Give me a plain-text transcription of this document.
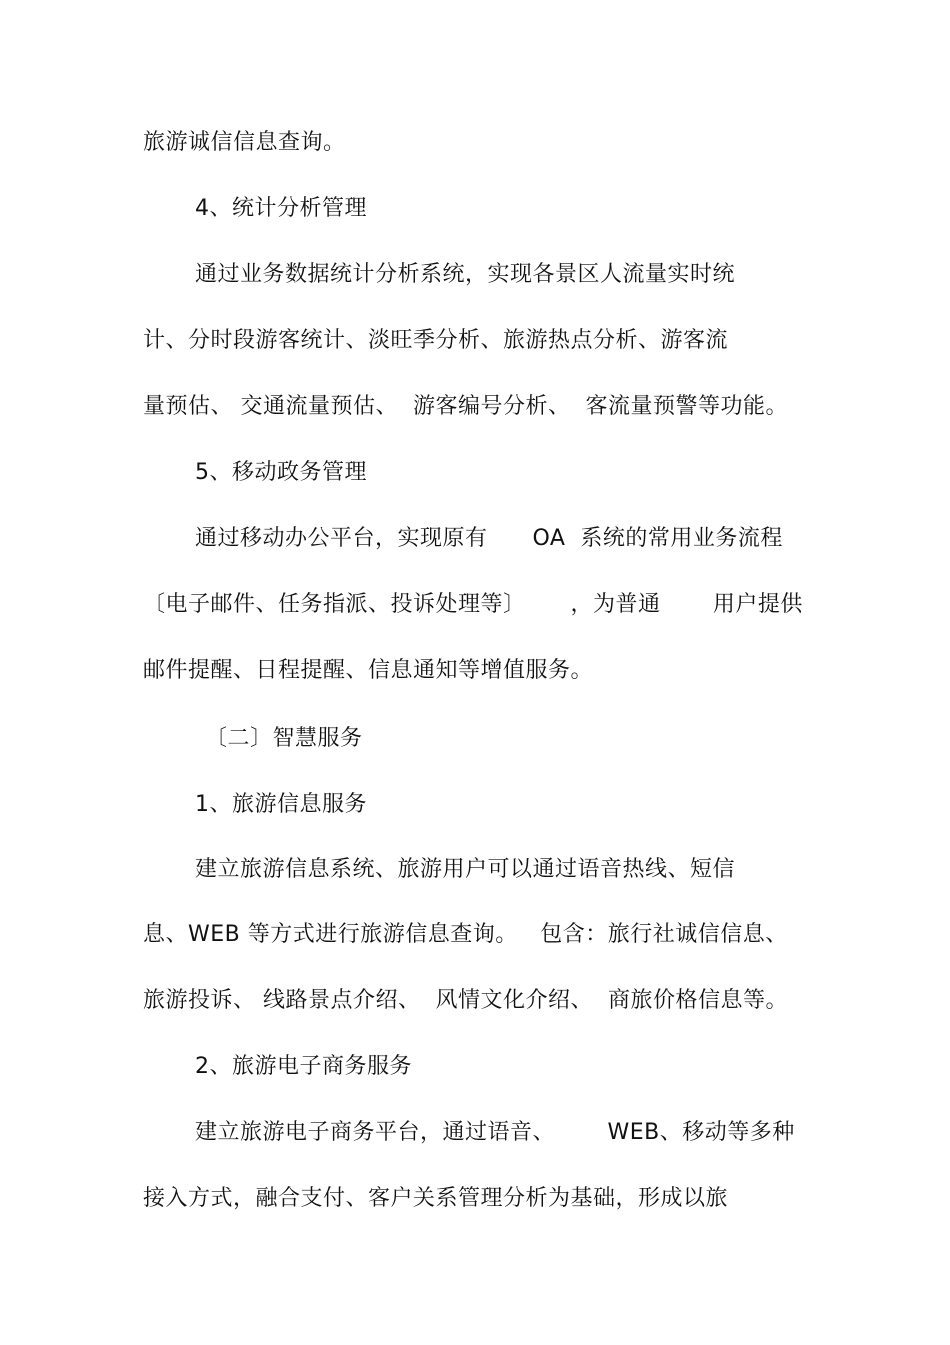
旅游诚信信息查询。
4、统计分析管理
通过业务数据统计分析系统，实现各景区人流量实时统
计、分时段游客统计、淡旺季分析、旅游热点分析、游客流
量预估、 交通流量预估、  游客编号分析、  客流量预警等功能。
5、移动政务管理
通过移动办公平台，实现原有      OA  系统的常用业务流程
〔电子邮件、任务指派、投诉处理等〕      ，为普通       用户提供
邮件提醒、日程提醒、信息通知等增值服务。
〔二〕智慧服务
1、旅游信息服务
建立旅游信息系统、旅游用户可以通过语音热线、短信
息、WEB 等方式进行旅游信息查询。   包含：旅行社诚信信息、
旅游投诉、 线路景点介绍、  风情文化介绍、  商旅价格信息等。
2、旅游电子商务服务
建立旅游电子商务平台，通过语音、       WEB、移动等多种
接入方式，融合支付、客户关系管理分析为基础，形成以旅
